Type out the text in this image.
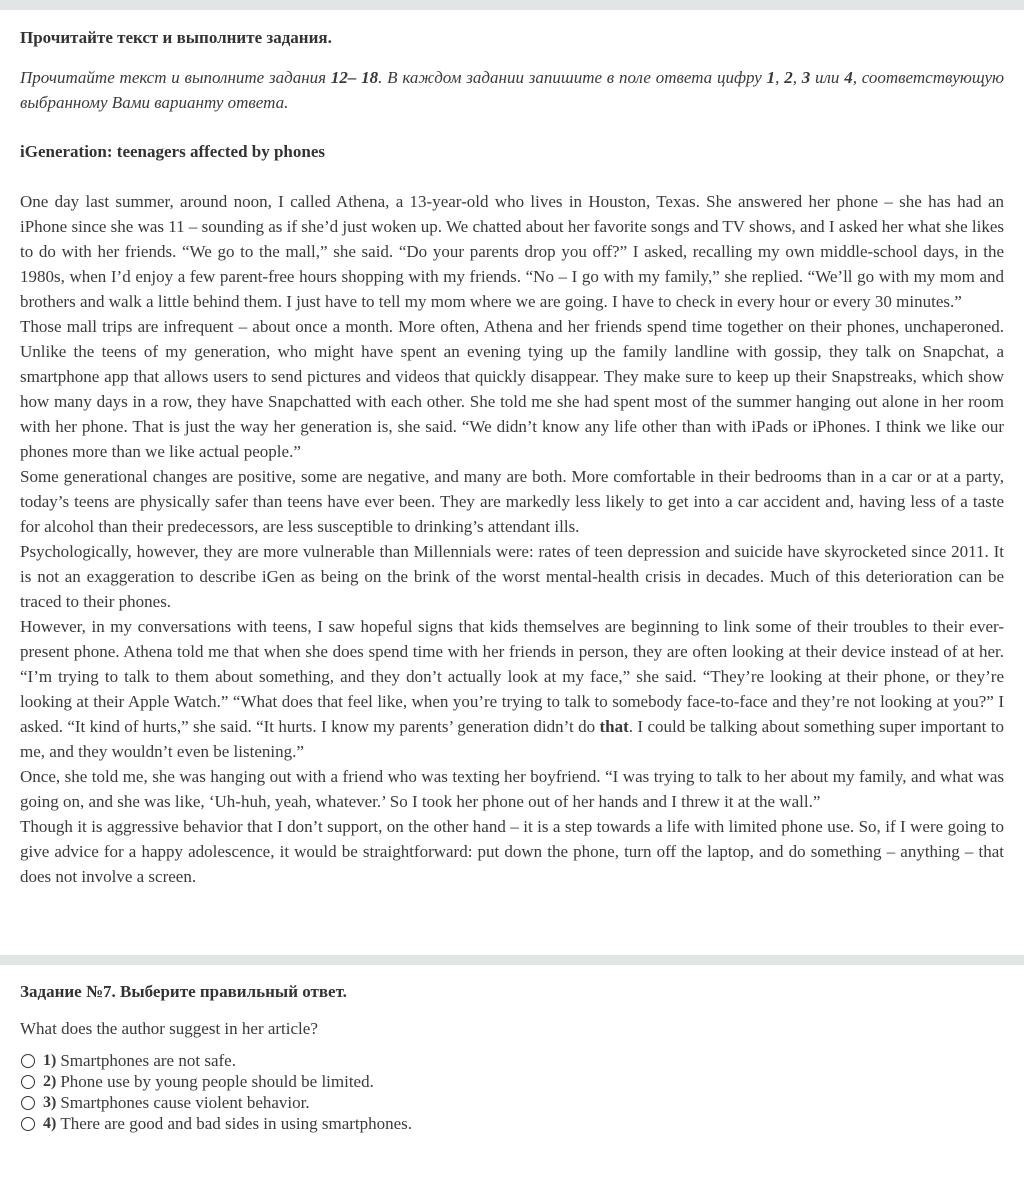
Прочитайте текст и выполните задания.
Прочитайте текст и выполните задания 12– 18. В каждом задании запишите в поле ответа цифру 1, 2, 3 или 4, соответствующую выбранному Вами варианту ответа.
iGeneration: teenagers affected by phones

One day last summer, around noon, I called Athena, a 13-year-old who lives in Houston, Texas. She answered her phone – she has had an iPhone since she was 11 – sounding as if she’d just woken up. We chatted about her favorite songs and TV shows, and I asked her what she likes to do with her friends. “We go to the mall,” she said. “Do your parents drop you off?” I asked, recalling my own middle-school days, in the 1980s, when I’d enjoy a few parent-free hours shopping with my friends. “No – I go with my family,” she replied. “We’ll go with my mom and brothers and walk a little behind them. I just have to tell my mom where we are going. I have to check in every hour or every 30 minutes.”

Those mall trips are infrequent – about once a month. More often, Athena and her friends spend time together on their phones, unchaperoned. Unlike the teens of my generation, who might have spent an evening tying up the family landline with gossip, they talk on Snapchat, a smartphone app that allows users to send pictures and videos that quickly disappear. They make sure to keep up their Snapstreaks, which show how many days in a row, they have Snapchatted with each other. She told me she had spent most of the summer hanging out alone in her room with her phone. That is just the way her generation is, she said. “We didn’t know any life other than with iPads or iPhones. I think we like our phones more than we like actual people.”

Some generational changes are positive, some are negative, and many are both. More comfortable in their bedrooms than in a car or at a party, today’s teens are physically safer than teens have ever been. They are markedly less likely to get into a car accident and, having less of a taste for alcohol than their predecessors, are less susceptible to drinking’s attendant ills.

Psychologically, however, they are more vulnerable than Millennials were: rates of teen depression and suicide have skyrocketed since 2011. It is not an exaggeration to describe iGen as being on the brink of the worst mental-health crisis in decades. Much of this deterioration can be traced to their phones.

However, in my conversations with teens, I saw hopeful signs that kids themselves are beginning to link some of their troubles to their ever-present phone. Athena told me that when she does spend time with her friends in person, they are often looking at their device instead of at her. “I’m trying to talk to them about something, and they don’t actually look at my face,” she said. “They’re looking at their phone, or they’re looking at their Apple Watch.” “What does that feel like, when you’re trying to talk to somebody face-to-face and they’re not looking at you?” I asked. “It kind of hurts,” she said. “It hurts. I know my parents’ generation didn’t do that. I could be talking about something super important to me, and they wouldn’t even be listening.”

Once, she told me, she was hanging out with a friend who was texting her boyfriend. “I was trying to talk to her about my family, and what was going on, and she was like, ‘Uh-huh, yeah, whatever.’ So I took her phone out of her hands and I threw it at the wall.”

Though it is aggressive behavior that I don’t support, on the other hand – it is a step towards a life with limited phone use. So, if I were going to give advice for a happy adolescence, it would be straightforward: put down the phone, turn off the laptop, and do something – anything – that does not involve a screen.

Задание №7. Выберите правильный ответ.
What does the author suggest in her article?
1) Smartphones are not safe.
2) Phone use by young people should be limited.
3) Smartphones cause violent behavior.
4) There are good and bad sides in using smartphones.
